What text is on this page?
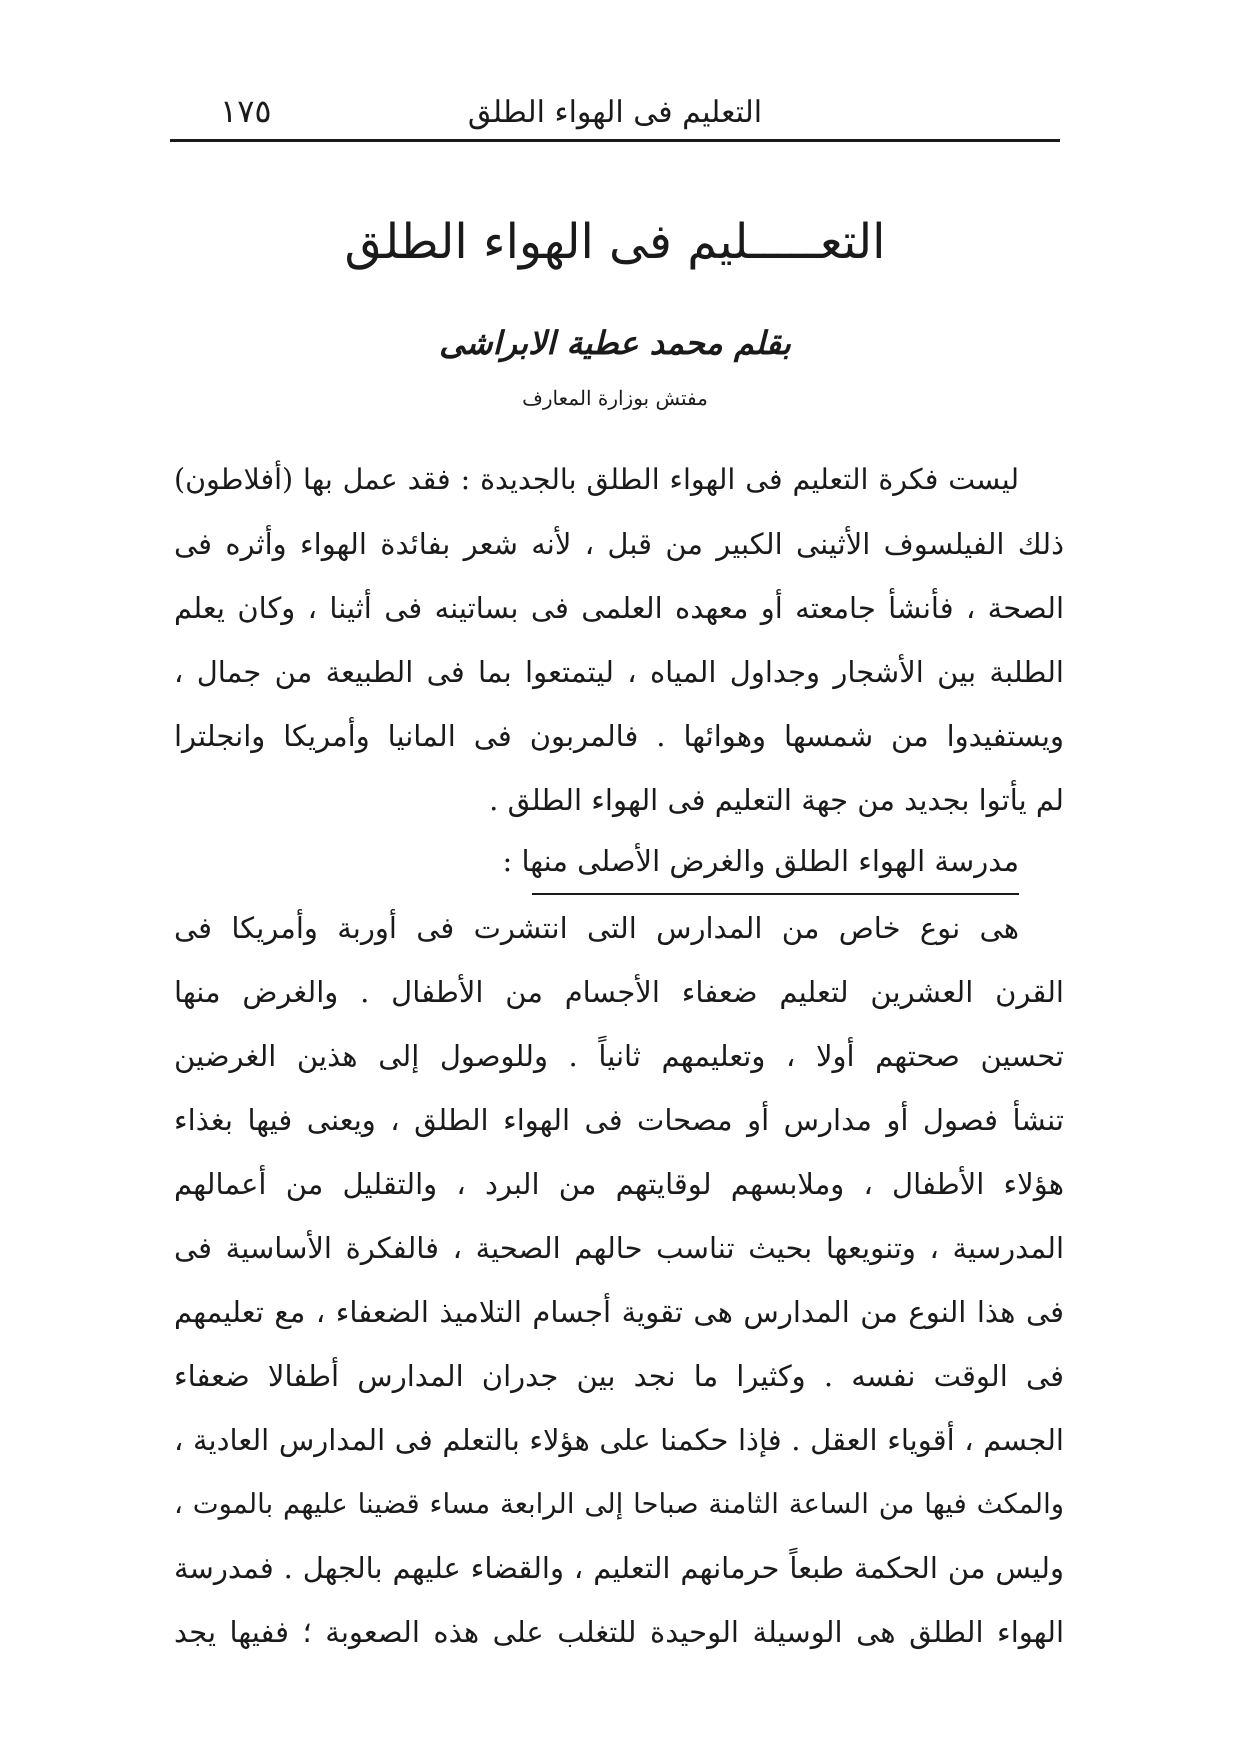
التعليم فى الهواء الطلق
١٧٥
التعـــــليم فى الهواء الطلق
بقلم محمد عطية الابراشى
مفتش بوزارة المعارف
ليست فكرة التعليم فى الهواء الطلق بالجديدة : فقد عمل بها (أفلاطون)
ذلك الفيلسوف الأثينى الكبير من قبل ، لأنه شعر بفائدة الهواء وأثره فى
الصحة ، فأنشأ جامعته أو معهده العلمى فى بساتينه فى أثينا ، وكان يعلم
الطلبة بين الأشجار وجداول المياه ، ليتمتعوا بما فى الطبيعة من جمال ،
ويستفيدوا من شمسها وهوائها . فالمربون فى المانيا وأمريكا وانجلترا
لم يأتوا بجديد من جهة التعليم فى الهواء الطلق .
مدرسة الهواء الطلق والغرض الأصلى منها :
هى نوع خاص من المدارس التى انتشرت فى أوربة وأمريكا فى
القرن العشرين لتعليم ضعفاء الأجسام من الأطفال . والغرض منها
تحسين صحتهم أولا ، وتعليمهم ثانياً . وللوصول إلى هذين الغرضين
تنشأ فصول أو مدارس أو مصحات فى الهواء الطلق ، ويعنى فيها بغذاء
هؤلاء الأطفال ، وملابسهم لوقايتهم من البرد ، والتقليل من أعمالهم
المدرسية ، وتنويعها بحيث تناسب حالهم الصحية ، فالفكرة الأساسية فى
فى هذا النوع من المدارس هى تقوية أجسام التلاميذ الضعفاء ، مع تعليمهم
فى الوقت نفسه . وكثيرا ما نجد بين جدران المدارس أطفالا ضعفاء
الجسم ، أقوياء العقل . فإذا حكمنا على هؤلاء بالتعلم فى المدارس العادية ،
والمكث فيها من الساعة الثامنة صباحا إلى الرابعة مساء قضينا عليهم بالموت ،
وليس من الحكمة طبعاً حرمانهم التعليم ، والقضاء عليهم بالجهل . فمدرسة
الهواء الطلق هى الوسيلة الوحيدة للتغلب على هذه الصعوبة ؛ ففيها يجد
